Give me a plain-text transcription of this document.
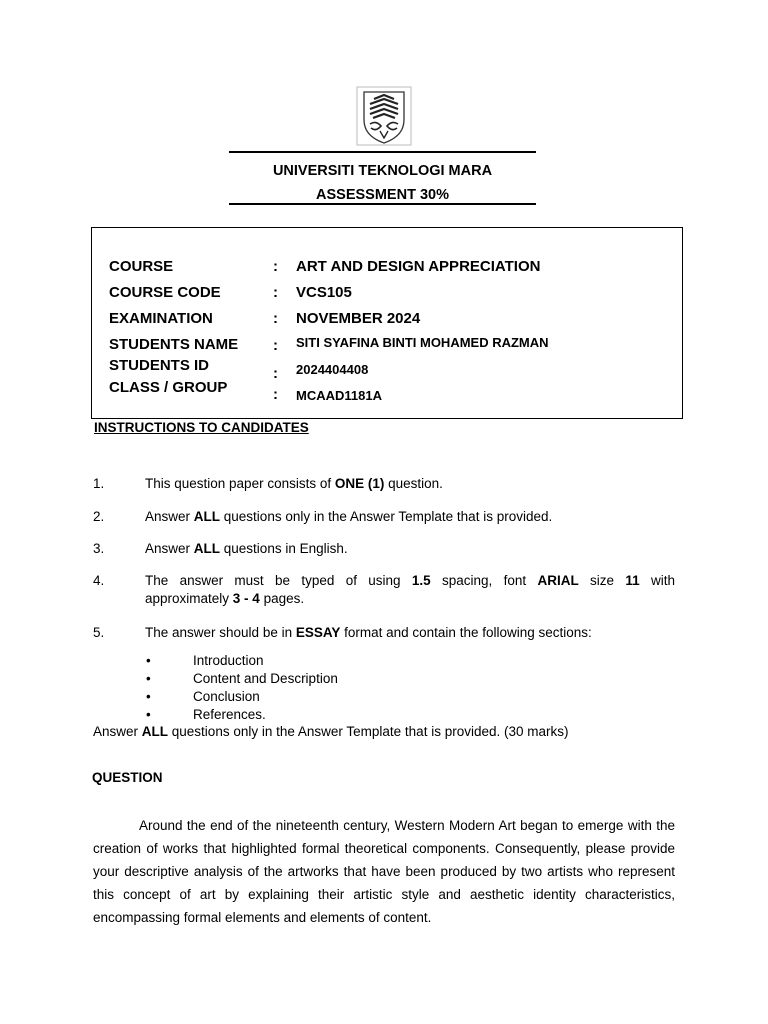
UNIVERSITI TEKNOLOGI MARA
ASSESSMENT 30%
COURSE	: ART AND DESIGN APPRECIATION
COURSE CODE	: VCS105
EXAMINATION	: NOVEMBER 2024
STUDENTS NAME : SITI SYAFINA BINTI MOHAMED RAZMAN
STUDENTS ID	: 2024404408
CLASS / GROUP	: MCAAD1181A
INSTRUCTIONS TO CANDIDATES
1.	This question paper consists of ONE (1) question.
2.	Answer ALL questions only in the Answer Template that is provided.
3.	Answer ALL questions in English.
4.	The answer must be typed of using 1.5 spacing, font ARIAL size 11 with
approximately 3 - 4 pages.
5.	The answer should be in ESSAY format and contain the following sections:
•	Introduction
•	Content and Description
•	Conclusion
•	References.
Answer ALL questions only in the Answer Template that is provided. (30 marks)
QUESTION
Around the end of the nineteenth century, Western Modern Art began to emerge with the creation of works that highlighted formal theoretical components. Consequently, please provide your descriptive analysis of the artworks that have been produced by two artists who represent this concept of art by explaining their artistic style and aesthetic identity characteristics, encompassing formal elements and elements of content.
